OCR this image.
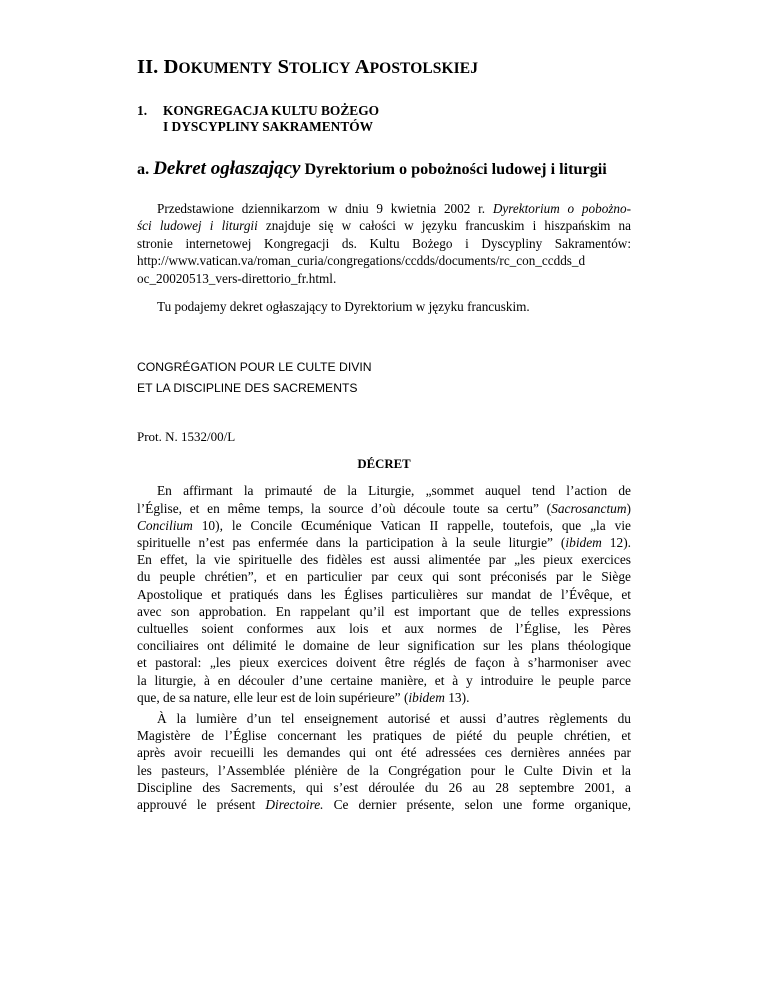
II. DOKUMENTY STOLICY APOSTOLSKIEJ
1.	KONGREGACJA KULTU BOŻEGO
I DYSCYPLINY SAKRAMENTÓW
a. Dekret ogłaszający Dyrektorium o pobożności ludowej i liturgii
Przedstawione dziennikarzom w dniu 9 kwietnia 2002 r. Dyrektorium o pobożno-
ści ludowej i liturgii znajduje się w całości w języku francuskim i hiszpańskim na
stronie internetowej Kongregacji ds. Kultu Bożego i Dyscypliny Sakramentów:
http://www.vatican.va/roman_curia/congregations/ccdds/documents/rc_con_ccdds_d
oc_20020513_vers-direttorio_fr.html.
Tu podajemy dekret ogłaszający to Dyrektorium w języku francuskim.
CONGRÉGATION POUR LE CULTE DIVIN
ET LA DISCIPLINE DES SACREMENTS
Prot. N. 1532/00/L
DÉCRET
En affirmant la primauté de la Liturgie, „sommet auquel tend l’action de
l’Église, et en même temps, la source d’où découle toute sa certu” (Sacrosanctum)
Concilium 10), le Concile Œcuménique Vatican II rappelle, toutefois, que „la vie
spirituelle n’est pas enfermée dans la participation à la seule liturgie” (ibidem 12).
En effet, la vie spirituelle des fidèles est aussi alimentée par „les pieux exercices
du peuple chrétien”, et en particulier par ceux qui sont préconisés par le Siège
Apostolique et pratiqués dans les Églises particulières sur mandat de l’Évêque, et
avec son approbation. En rappelant qu’il est important que de telles expressions
cultuelles soient conformes aux lois et aux normes de l’Église, les Pères
conciliaires ont délimité le domaine de leur signification sur les plans théologique
et pastoral: „les pieux exercices doivent être réglés de façon à s’harmoniser avec
la liturgie, à en découler d’une certaine manière, et à y introduire le peuple parce
que, de sa nature, elle leur est de loin supérieure” (ibidem 13).
À la lumière d’un tel enseignement autorisé et aussi d’autres règlements du
Magistère de l’Église concernant les pratiques de piété du peuple chrétien, et
après avoir recueilli les demandes qui ont été adressées ces dernières années par
les pasteurs, l’Assemblée plénière de la Congrégation pour le Culte Divin et la
Discipline des Sacrements, qui s’est déroulée du 26 au 28 septembre 2001, a
approuvé le présent Directoire. Ce dernier présente, selon une forme organique,
